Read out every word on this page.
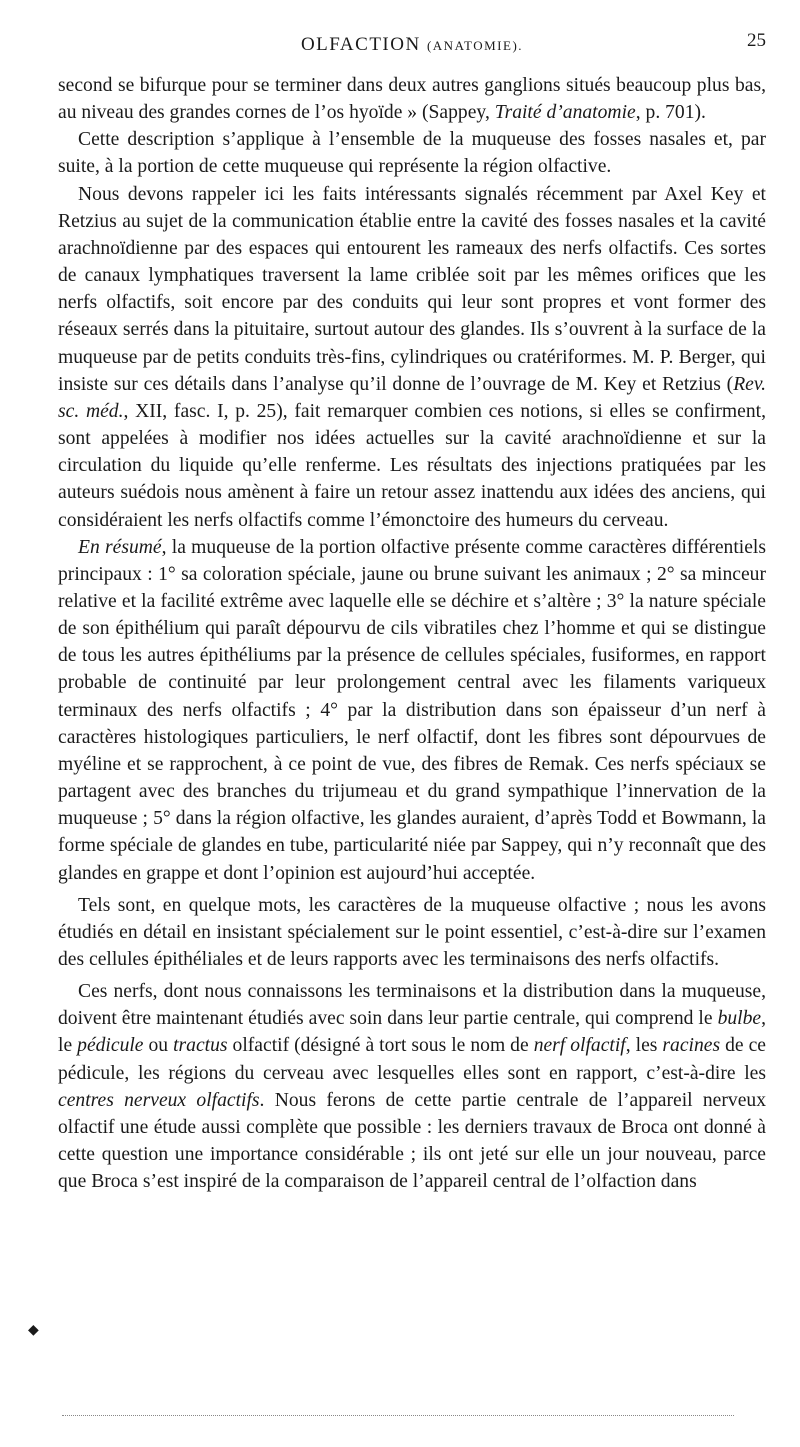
OLFACTION (ANATOMIE).	25

second se bifurque pour se terminer dans deux autres ganglions situés beaucoup plus bas, au niveau des grandes cornes de l’os hyoïde » (Sappey, Traité d’anatomie, p. 701).

Cette description s’applique à l’ensemble de la muqueuse des fosses nasales et, par suite, à la portion de cette muqueuse qui représente la région olfactive.

Nous devons rappeler ici les faits intéressants signalés récemment par Axel Key et Retzius au sujet de la communication établie entre la cavité des fosses nasales et la cavité arachnoïdienne par des espaces qui entourent les rameaux des nerfs olfactifs. Ces sortes de canaux lymphatiques traversent la lame criblée soit par les mêmes orifices que les nerfs olfactifs, soit encore par des conduits qui leur sont propres et vont former des réseaux serrés dans la pituitaire, surtout autour des glandes. Ils s’ouvrent à la surface de la muqueuse par de petits conduits très-fins, cylindriques ou cratériformes. M. P. Berger, qui insiste sur ces détails dans l’analyse qu’il donne de l’ouvrage de M. Key et Retzius (Rev. sc. méd., XII, fasc. I, p. 25), fait remarquer combien ces notions, si elles se confirment, sont appelées à modifier nos idées actuelles sur la cavité arachnoïdienne et sur la circulation du liquide qu’elle renferme. Les résultats des injections pratiquées par les auteurs suédois nous amènent à faire un retour assez inattendu aux idées des anciens, qui considéraient les nerfs olfactifs comme l’émonctoire des humeurs du cerveau.

En résumé, la muqueuse de la portion olfactive présente comme caractères différentiels principaux : 1° sa coloration spéciale, jaune ou brune suivant les animaux ; 2° sa minceur relative et la facilité extrême avec laquelle elle se déchire et s’altère ; 3° la nature spéciale de son épithélium qui paraît dépourvu de cils vibratiles chez l’homme et qui se distingue de tous les autres épithéliums par la présence de cellules spéciales, fusiformes, en rapport probable de continuité par leur prolongement central avec les filaments variqueux terminaux des nerfs olfactifs ; 4° par la distribution dans son épaisseur d’un nerf à caractères histologiques particuliers, le nerf olfactif, dont les fibres sont dépourvues de myéline et se rapprochent, à ce point de vue, des fibres de Remak. Ces nerfs spéciaux se partagent avec des branches du trijumeau et du grand sympathique l’innervation de la muqueuse ; 5° dans la région olfactive, les glandes auraient, d’après Todd et Bowmann, la forme spéciale de glandes en tube, particularité niée par Sappey, qui n’y reconnaît que des glandes en grappe et dont l’opinion est aujourd’hui acceptée.

Tels sont, en quelque mots, les caractères de la muqueuse olfactive ; nous les avons étudiés en détail en insistant spécialement sur le point essentiel, c’est-à-dire sur l’examen des cellules épithéliales et de leurs rapports avec les terminaisons des nerfs olfactifs.

Ces nerfs, dont nous connaissons les terminaisons et la distribution dans la muqueuse, doivent être maintenant étudiés avec soin dans leur partie centrale, qui comprend le bulbe, le pédicule ou tractus olfactif (désigné à tort sous le nom de nerf olfactif, les racines de ce pédicule, les régions du cerveau avec lesquelles elles sont en rapport, c’est-à-dire les centres nerveux olfactifs. Nous ferons de cette partie centrale de l’appareil nerveux olfactif une étude aussi complète que possible : les derniers travaux de Broca ont donné à cette question une importance considérable ; ils ont jeté sur elle un jour nouveau, parce que Broca s’est inspiré de la comparaison de l’appareil central de l’olfaction dans

◆
